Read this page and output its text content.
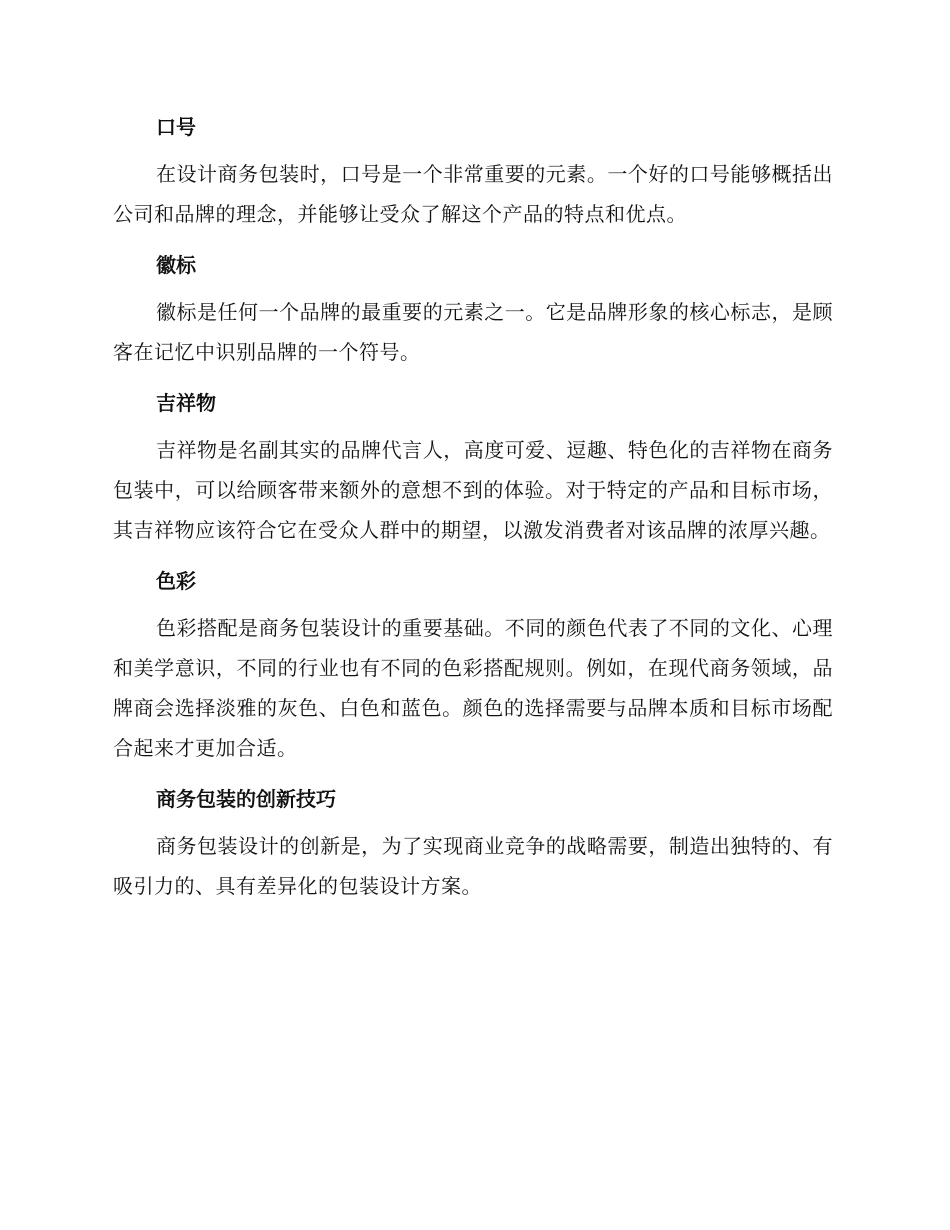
口号

在设计商务包装时，口号是一个非常重要的元素。一个好的口号能够概括出公司和品牌的理念，并能够让受众了解这个产品的特点和优点。

徽标

徽标是任何一个品牌的最重要的元素之一。它是品牌形象的核心标志，是顾客在记忆中识别品牌的一个符号。

吉祥物

吉祥物是名副其实的品牌代言人，高度可爱、逗趣、特色化的吉祥物在商务包装中，可以给顾客带来额外的意想不到的体验。对于特定的产品和目标市场，其吉祥物应该符合它在受众人群中的期望，以激发消费者对该品牌的浓厚兴趣。

色彩

色彩搭配是商务包装设计的重要基础。不同的颜色代表了不同的文化、心理和美学意识，不同的行业也有不同的色彩搭配规则。例如，在现代商务领域，品牌商会选择淡雅的灰色、白色和蓝色。颜色的选择需要与品牌本质和目标市场配合起来才更加合适。

商务包装的创新技巧

商务包装设计的创新是，为了实现商业竞争的战略需要，制造出独特的、有吸引力的、具有差异化的包装设计方案。
